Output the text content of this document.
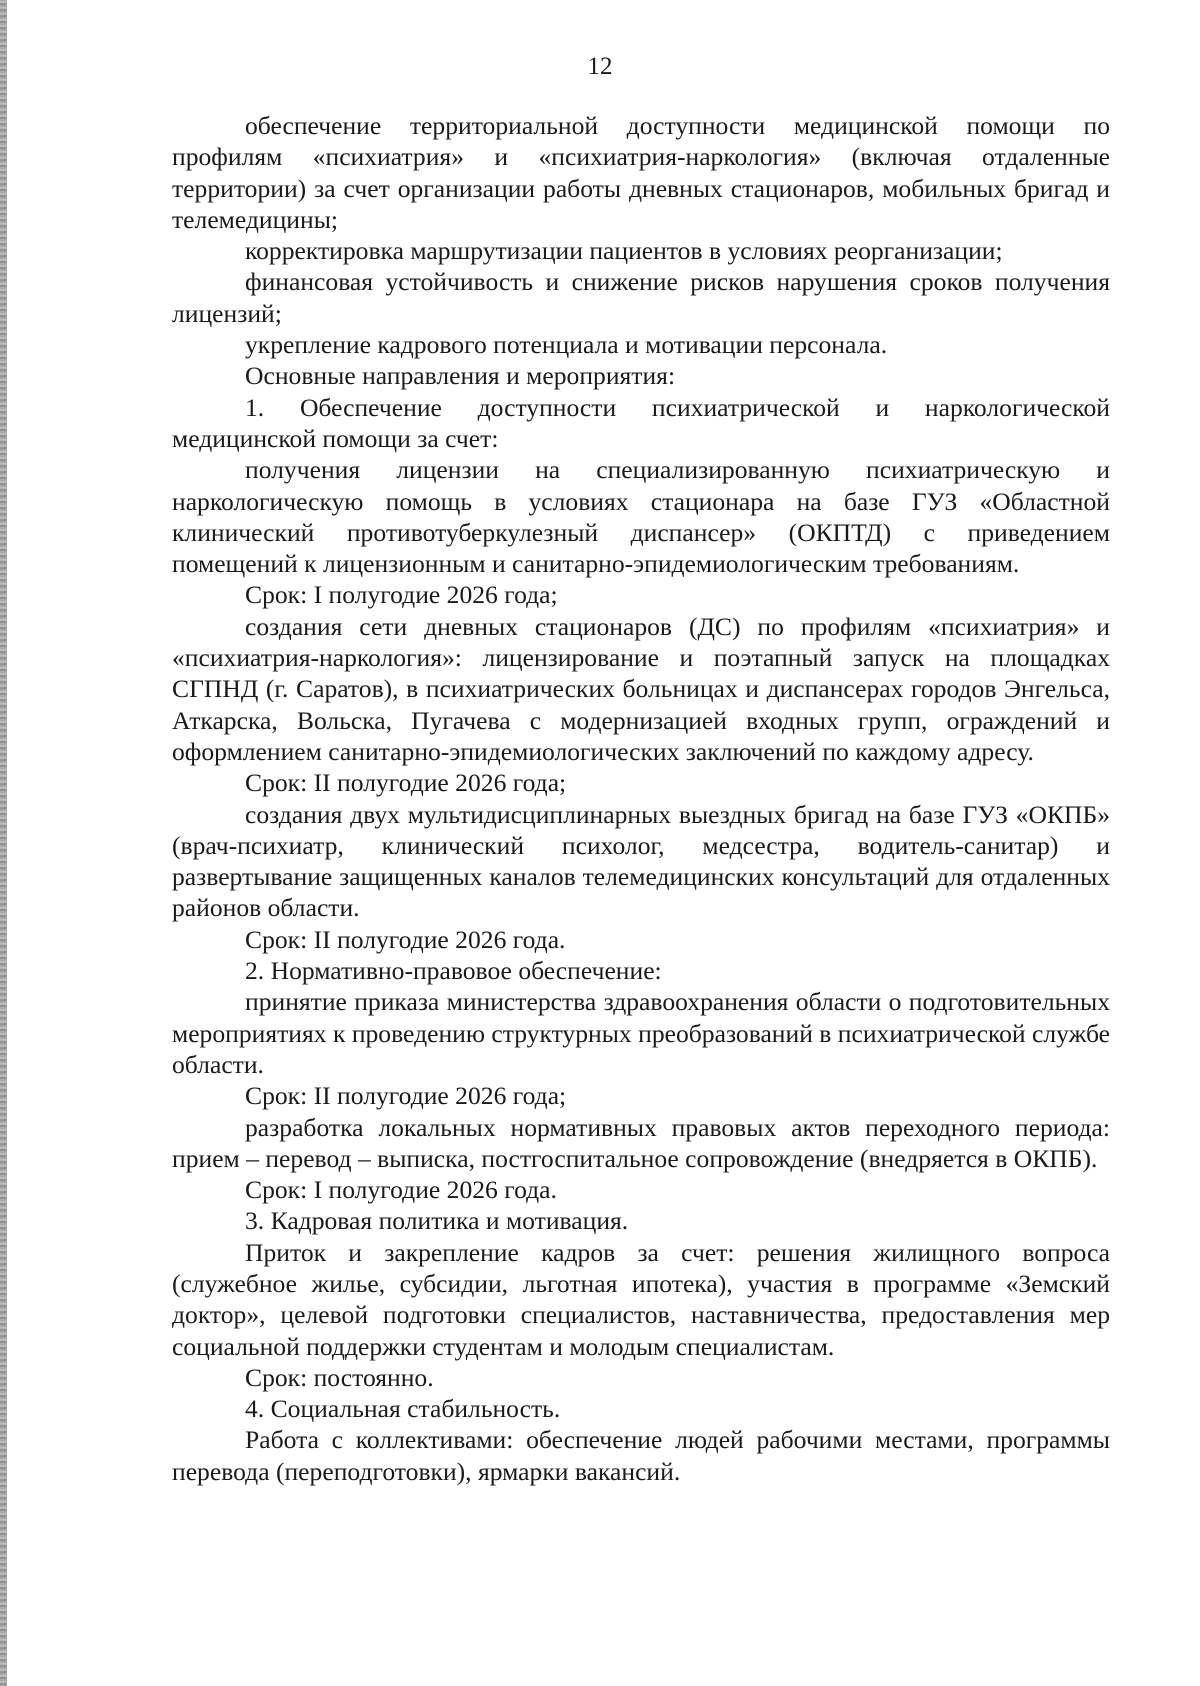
12

обеспечение территориальной доступности медицинской помощи по профилям «психиатрия» и «психиатрия-наркология» (включая отдаленные территории) за счет организации работы дневных стационаров, мобильных бригад и телемедицины;

корректировка маршрутизации пациентов в условиях реорганизации;

финансовая устойчивость и снижение рисков нарушения сроков получения лицензий;

укрепление кадрового потенциала и мотивации персонала.

Основные направления и мероприятия:

1. Обеспечение доступности психиатрической и наркологической медицинской помощи за счет:

получения лицензии на специализированную психиатрическую и наркологическую помощь в условиях стационара на базе ГУЗ «Областной клинический противотуберкулезный диспансер» (ОКПТД) с приведением помещений к лицензионным и санитарно-эпидемиологическим требованиям.

Срок: I полугодие 2026 года;

создания сети дневных стационаров (ДС) по профилям «психиатрия» и «психиатрия-наркология»: лицензирование и поэтапный запуск на площадках СГПНД (г. Саратов), в психиатрических больницах и диспансерах городов Энгельса, Аткарска, Вольска, Пугачева с модернизацией входных групп, ограждений и оформлением санитарно-эпидемиологических заключений по каждому адресу.

Срок: II полугодие 2026 года;

создания двух мультидисциплинарных выездных бригад на базе ГУЗ «ОКПБ» (врач-психиатр, клинический психолог, медсестра, водитель-санитар) и развертывание защищенных каналов телемедицинских консультаций для отдаленных районов области.

Срок: II полугодие 2026 года.

2. Нормативно-правовое обеспечение:

принятие приказа министерства здравоохранения области о подготовительных мероприятиях к проведению структурных преобразований в психиатрической службе области.

Срок: II полугодие 2026 года;

разработка локальных нормативных правовых актов переходного периода: прием – перевод – выписка, постгоспитальное сопровождение (внедряется в ОКПБ).

Срок: I полугодие 2026 года.

3. Кадровая политика и мотивация.

Приток и закрепление кадров за счет: решения жилищного вопроса (служебное жилье, субсидии, льготная ипотека), участия в программе «Земский доктор», целевой подготовки специалистов, наставничества, предоставления мер социальной поддержки студентам и молодым специалистам.

Срок: постоянно.

4. Социальная стабильность.

Работа с коллективами: обеспечение людей рабочими местами, программы перевода (переподготовки), ярмарки вакансий.
